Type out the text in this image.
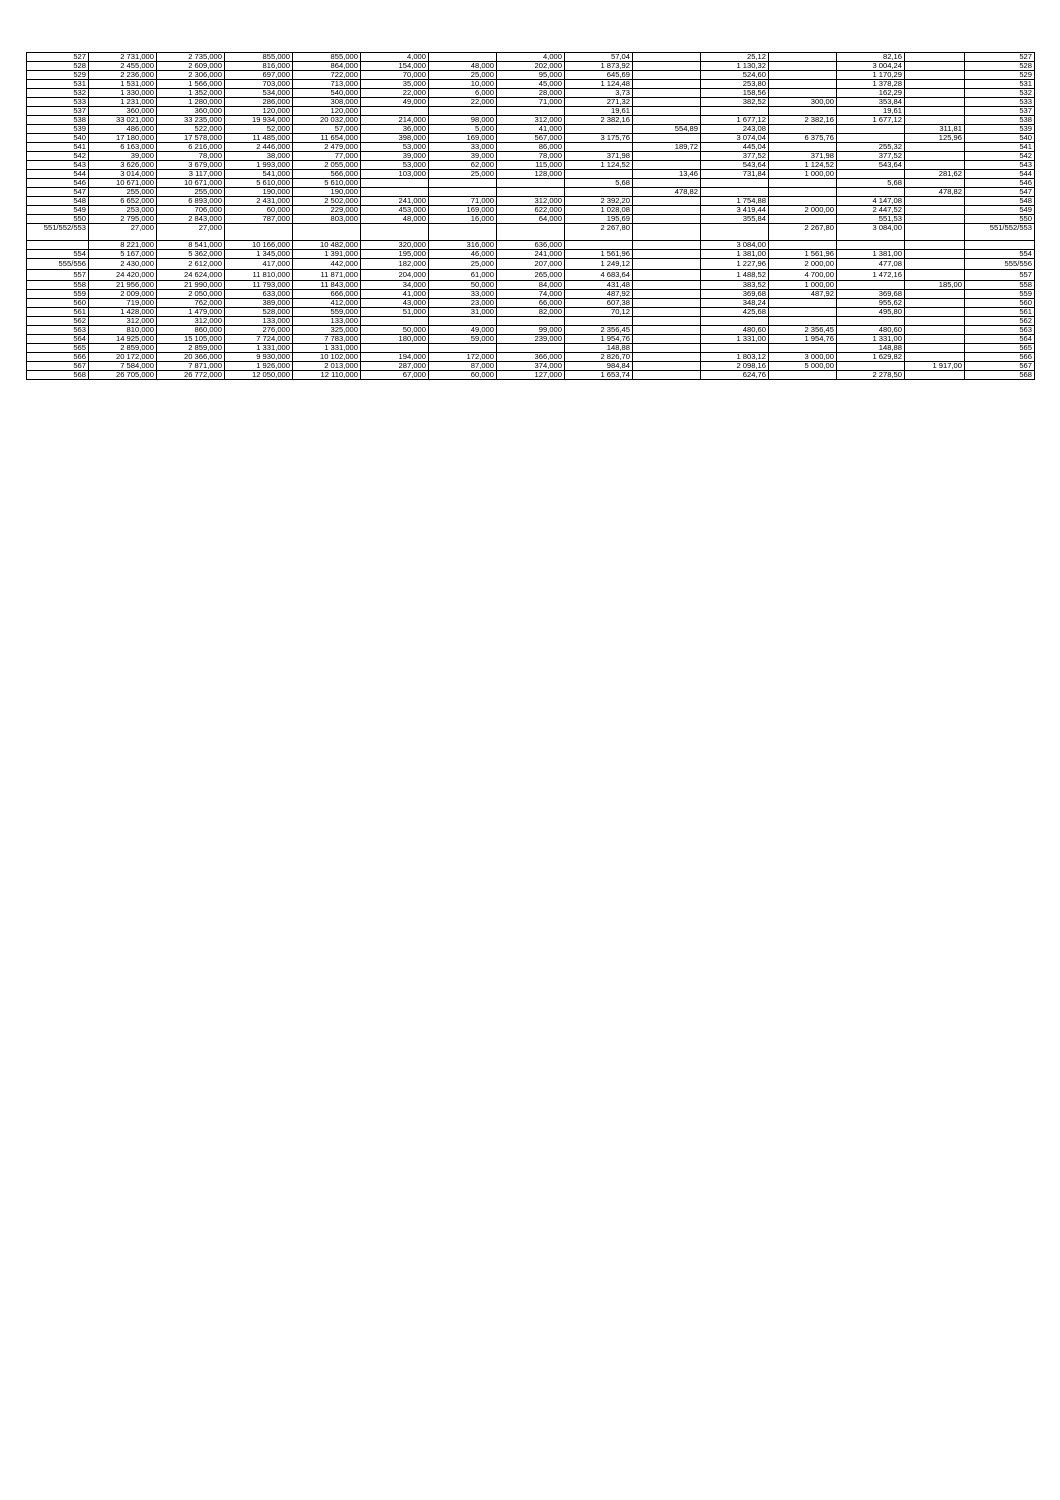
527	2 731,000	2 735,000	855,000	855,000	4,000		4,000	57,04		25,12		82,16		527
528	2 455,000	2 609,000	816,000	864,000	154,000	48,000	202,000	1 873,92		1 130,32		3 004,24		528
529	2 236,000	2 306,000	697,000	722,000	70,000	25,000	95,000	645,69		524,60		1 170,29		529
531	1 531,000	1 566,000	703,000	713,000	35,000	10,000	45,000	1 124,48		253,80		1 378,28		531
532	1 330,000	1 352,000	534,000	540,000	22,000	6,000	28,000	3,73		158,56		162,29		532
533	1 231,000	1 280,000	286,000	308,000	49,000	22,000	71,000	271,32		382,52	300,00	353,84		533
537	360,000	360,000	120,000	120,000				19,61				19,61		537
538	33 021,000	33 235,000	19 934,000	20 032,000	214,000	98,000	312,000	2 382,16		1 677,12	2 382,16	1 677,12		538
539	486,000	522,000	52,000	57,000	36,000	5,000	41,000		554,89	243,08			311,81	539
540	17 180,000	17 578,000	11 485,000	11 654,000	398,000	169,000	567,000	3 175,76		3 074,04	6 375,76		125,96	540
541	6 163,000	6 216,000	2 446,000	2 479,000	53,000	33,000	86,000		189,72	445,04		255,32		541
542	39,000	78,000	38,000	77,000	39,000	39,000	78,000	371,98		377,52	371,98	377,52		542
543	3 626,000	3 679,000	1 993,000	2 055,000	53,000	62,000	115,000	1 124,52		543,64	1 124,52	543,64		543
544	3 014,000	3 117,000	541,000	566,000	103,000	25,000	128,000		13,46	731,84	1 000,00		281,62	544
546	10 671,000	10 671,000	5 610,000	5 610,000				5,68				5,68		546
547	255,000	255,000	190,000	190,000					478,82				478,82	547
548	6 652,000	6 893,000	2 431,000	2 502,000	241,000	71,000	312,000	2 392,20		1 754,88		4 147,08		548
549	253,000	706,000	60,000	229,000	453,000	169,000	622,000	1 028,08		3 419,44	2 000,00	2 447,52		549
550	2 795,000	2 843,000	787,000	803,000	48,000	16,000	64,000	195,69		355,84		551,53		550
551/552/553	27,000	27,000						2 267,80			2 267,80	3 084,00		551/552/553
	8 221,000	8 541,000	10 166,000	10 482,000	320,000	316,000	636,000			3 084,00				
554	5 167,000	5 362,000	1 345,000	1 391,000	195,000	46,000	241,000	1 561,96		1 381,00	1 561,96	1 381,00		554
555/556	2 430,000	2 612,000	417,000	442,000	182,000	25,000	207,000	1 249,12		1 227,96	2 000,00	477,08		555/556
557	24 420,000	24 624,000	11 810,000	11 871,000	204,000	61,000	265,000	4 683,64		1 488,52	4 700,00	1 472,16		557
558	21 956,000	21 990,000	11 793,000	11 843,000	34,000	50,000	84,000	431,48		383,52	1 000,00		185,00	558
559	2 009,000	2 050,000	633,000	666,000	41,000	33,000	74,000	487,92		369,68	487,92	369,68		559
560	719,000	762,000	389,000	412,000	43,000	23,000	66,000	607,38		348,24		955,62		560
561	1 428,000	1 479,000	528,000	559,000	51,000	31,000	82,000	70,12		425,68		495,80		561
562	312,000	312,000	133,000	133,000										562
563	810,000	860,000	276,000	325,000	50,000	49,000	99,000	2 356,45		480,60	2 356,45	480,60		563
564	14 925,000	15 105,000	7 724,000	7 783,000	180,000	59,000	239,000	1 954,76		1 331,00	1 954,76	1 331,00		564
565	2 859,000	2 859,000	1 331,000	1 331,000				148,88				148,88		565
566	20 172,000	20 366,000	9 930,000	10 102,000	194,000	172,000	366,000	2 826,70		1 803,12	3 000,00	1 629,82		566
567	7 584,000	7 871,000	1 926,000	2 013,000	287,000	87,000	374,000	984,84		2 098,16	5 000,00		1 917,00	567
568	26 705,000	26 772,000	12 050,000	12 110,000	67,000	60,000	127,000	1 653,74		624,76		2 278,50		568
